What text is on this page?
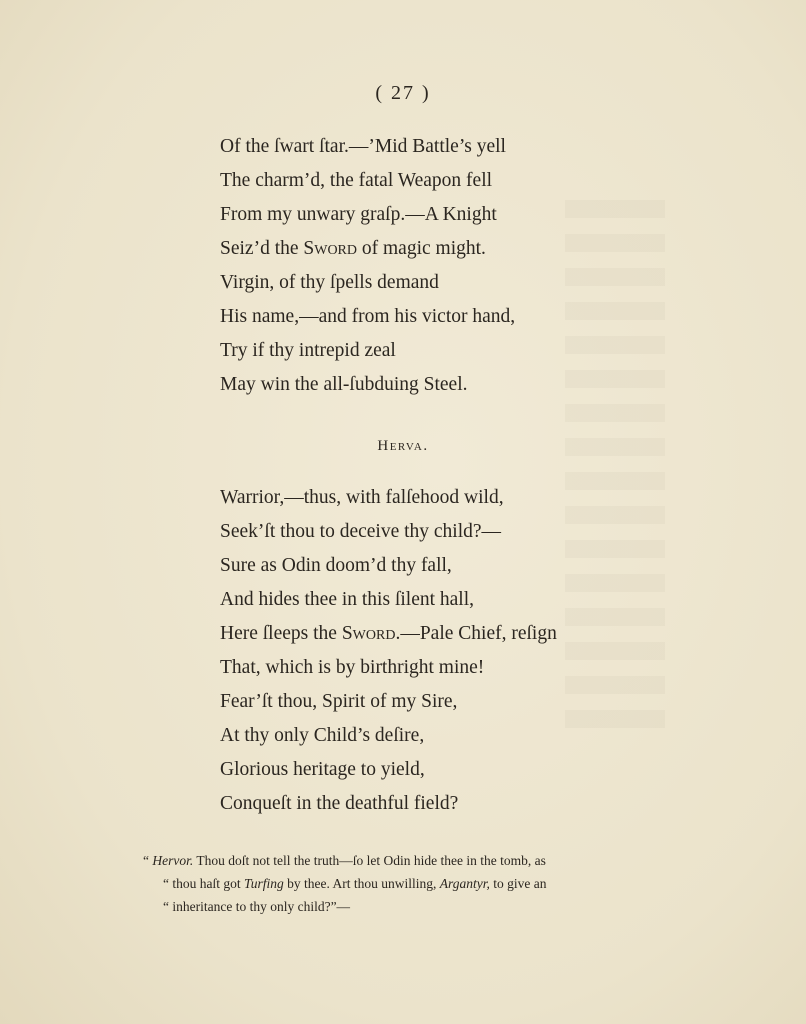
( 27 )
Of the ſwart ſtar.—’Mid Battle’s yell
The charm’d, the fatal Weapon fell
From my unwary graſp.—A Knight
Seiz’d the Sword of magic might.
Virgin, of thy ſpells demand
His name,—and from his victor hand,
Try if thy intrepid zeal
May win the all-ſubduing Steel.
Herva.
Warrior,—thus, with falſehood wild,
Seek’ſt thou to deceive thy child?—
Sure as Odin doom’d thy fall,
And hides thee in this ſilent hall,
Here ſleeps the Sword.—Pale Chief, reſign
That, which is by birthright mine!
Fear’ſt thou, Spirit of my Sire,
At thy only Child’s deſire,
Glorious heritage to yield,
Conqueſt in the deathful field?
“ Hervor. Thou doſt not tell the truth—ſo let Odin hide thee in the tomb, as
“ thou haſt got Turfing by thee. Art thou unwilling, Argantyr, to give an
“ inheritance to thy only child?”—
